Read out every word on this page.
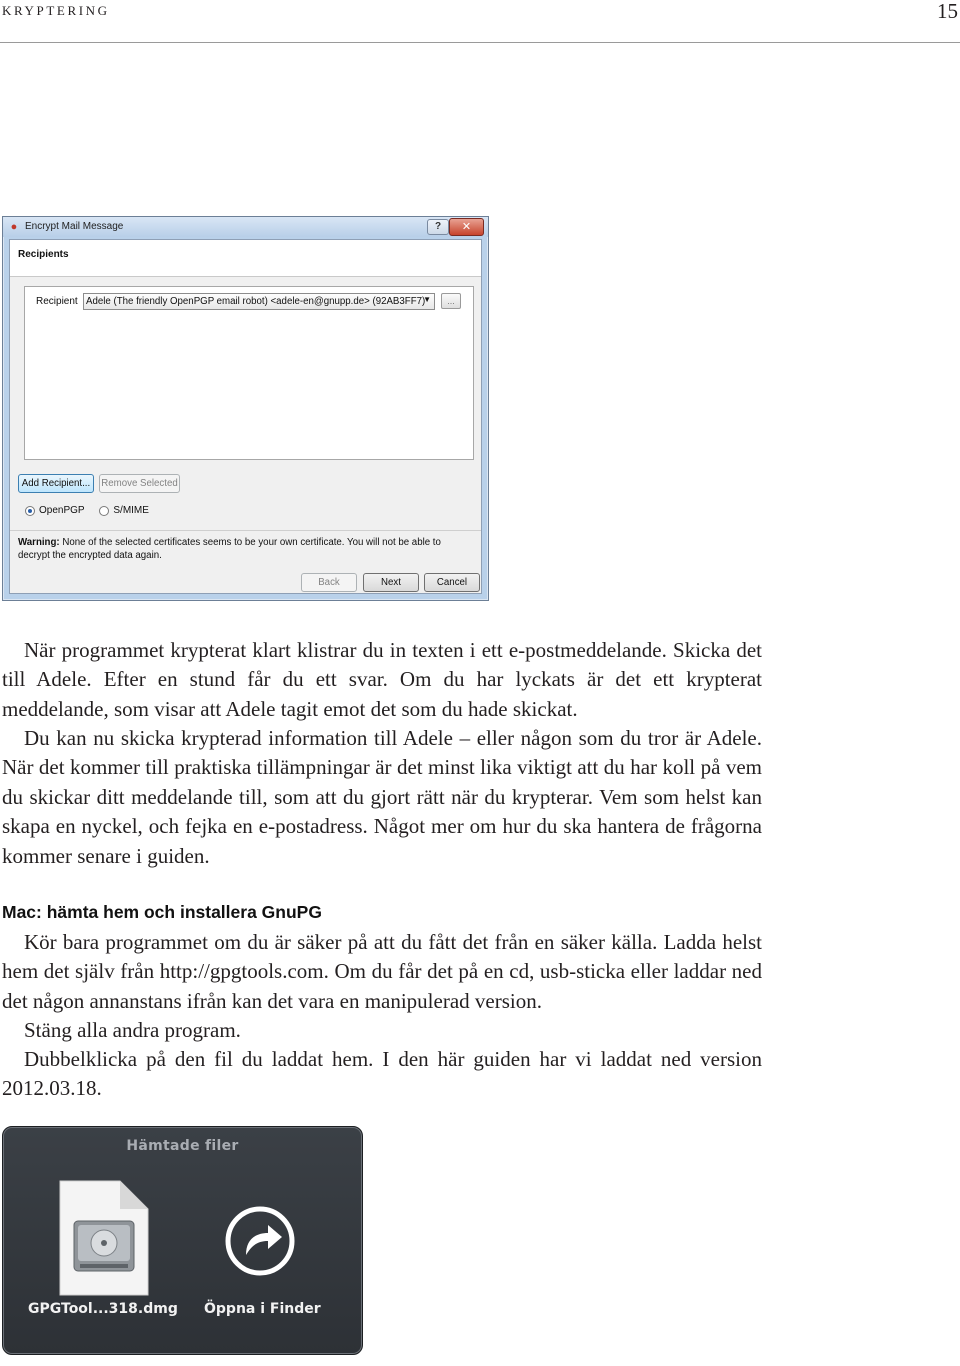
kryptering	15
● Encrypt Mail Message	?	✕
Recipients
Recipient Adele (The friendly OpenPGP email robot) <adele-en@gnupp.de> (92AB3FF7)
▼	...
Add Recipient...	Remove Selected
OpenPGP	S/MIME
Warning: None of the selected certificates seems to be your own certificate. You will not be able to decrypt the encrypted data again.
Back	Next	Cancel

När programmet krypterat klart klistrar du in texten i ett e-postmeddelande. Skicka det till Adele. Efter en stund får du ett svar. Om du har lyckats är det ett krypterat meddelande, som visar att Adele tagit emot det som du hade skickat.

Du kan nu skicka krypterad information till Adele – eller någon som du tror är Adele. När det kommer till praktiska tillämpningar är det minst lika viktigt att du har koll på vem du skickar ditt meddelande till, som att du gjort rätt när du krypterar. Vem som helst kan skapa en nyckel, och fejka en e-postadress. Något mer om hur du ska hantera de frågorna kommer senare i guiden.

Mac: hämta hem och installera GnuPG

Kör bara programmet om du är säker på att du fått det från en säker källa. Ladda helst hem det själv från http://gpgtools.com. Om du får det på en cd, usb-sticka eller laddar ned det någon annanstans ifrån kan det vara en manipulerad version.

Stäng alla andra program.

Dubbelklicka på den fil du laddat hem. I den här guiden har vi laddat ned version 2012.03.18.

Hämtade filer
GPGTool...318.dmg Öppna i Finder
